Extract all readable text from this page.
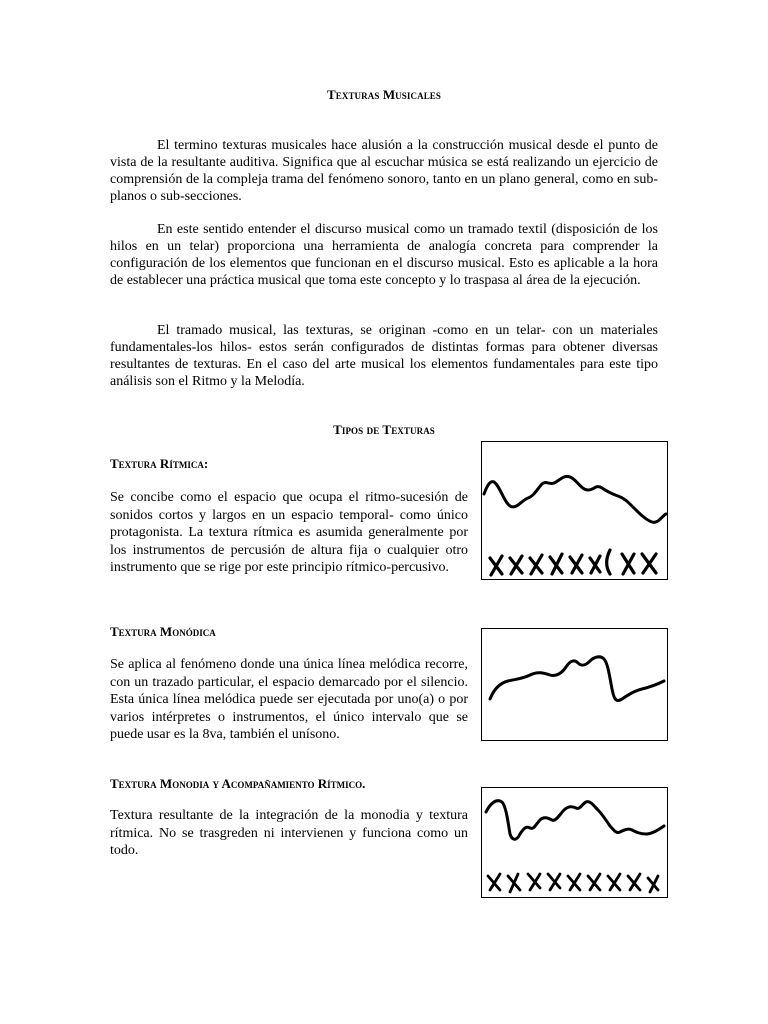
Texturas Musicales

El termino texturas musicales hace alusión a la construcción musical desde el punto de vista de la resultante auditiva. Significa que al escuchar música se está realizando un ejercicio de comprensión de la compleja trama del fenómeno sonoro, tanto en un plano general, como en sub-planos o sub-secciones.

En este sentido entender el discurso musical como un tramado textil (disposición de los hilos en un telar) proporciona una herramienta de analogía concreta para comprender la configuración de los elementos que funcionan en el discurso musical. Esto es aplicable a la hora de establecer una práctica musical que toma este concepto y lo traspasa al área de la ejecución.

El tramado musical, las texturas, se originan -como en un telar- con un materiales fundamentales-los hilos- estos serán configurados de distintas formas para obtener diversas resultantes de texturas. En el caso del arte musical los elementos fundamentales para este tipo análisis son el Ritmo y la Melodía.

Tipos de Texturas
Textura Rítmica:

Se concibe como el espacio que ocupa el ritmo-sucesión de sonidos cortos y largos en un espacio temporal- como único protagonista. La textura rítmica es asumida generalmente por los instrumentos de percusión de altura fija o cualquier otro instrumento que se rige por este principio rítmico-percusivo.

Textura Monódica

Se aplica al fenómeno donde una única línea melódica recorre, con un trazado particular, el espacio demarcado por el silencio. Esta única línea melódica puede ser ejecutada por uno(a) o por varios intérpretes o instrumentos, el único intervalo que se puede usar es la 8va, también el unísono.

Textura Monodia y Acompañamiento Rítmico.

Textura resultante de la integración de la monodia y textura rítmica. No se trasgreden ni intervienen y funciona como un todo.
